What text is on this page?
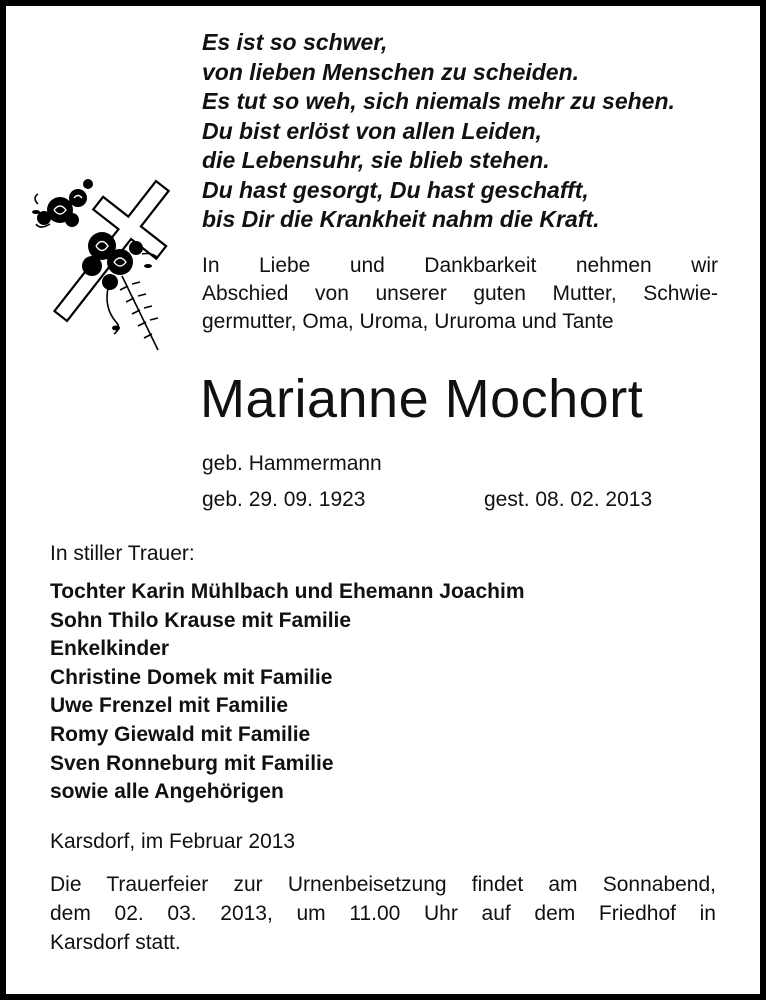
Es ist so schwer,
von lieben Menschen zu scheiden.
Es tut so weh, sich niemals mehr zu sehen.
Du bist erlöst von allen Leiden,
die Lebensuhr, sie blieb stehen.
Du hast gesorgt, Du hast geschafft,
bis Dir die Krankheit nahm die Kraft.
In Liebe und Dankbarkeit nehmen wir
Abschied von unserer guten Mutter, Schwie-
germutter, Oma, Uroma, Ururoma und Tante
Marianne Mochort
geb. Hammermann
geb. 29. 09. 1923	gest. 08. 02. 2013
In stiller Trauer:
Tochter Karin Mühlbach und Ehemann Joachim
Sohn Thilo Krause mit Familie
Enkelkinder
Christine Domek mit Familie
Uwe Frenzel mit Familie
Romy Giewald mit Familie
Sven Ronneburg mit Familie
sowie alle Angehörigen
Karsdorf, im Februar 2013
Die Trauerfeier zur Urnenbeisetzung findet am Sonnabend,
dem 02. 03. 2013, um 11.00 Uhr auf dem Friedhof in
Karsdorf statt.
